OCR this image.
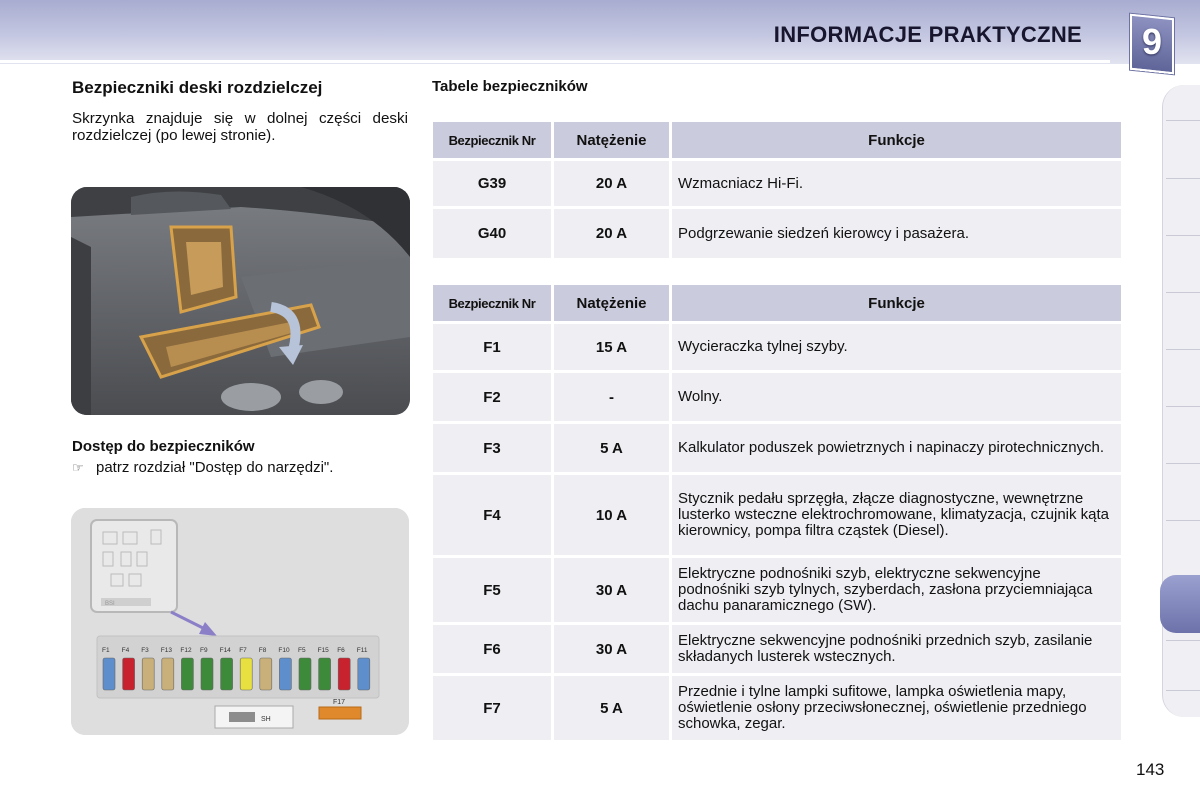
INFORMACJE PRAKTYCZNE	9
Bezpieczniki deski rozdzielczej
Skrzynka znajduje się w dolnej części deski rozdzielczej (po lewej stronie).
Dostęp do bezpieczników
☞ patrz rozdział "Dostęp do narzędzi".
BSI
F1 F4 F3 F13 F12 F9 F14 F7 F8 F10 F5 F15 F6 F11
SH
F17
Tabele bezpieczników
Bezpiecznik Nr	Natężenie	Funkcje
G39	20 A	Wzmacniacz Hi-Fi.
G40	20 A	Podgrzewanie siedzeń kierowcy i pasażera.
Bezpiecznik Nr	Natężenie	Funkcje
F1	15 A	Wycieraczka tylnej szyby.
F2	-	Wolny.
F3	5 A	Kalkulator poduszek powietrznych i napinaczy pirotechnicznych.
F4	10 A	Stycznik pedału sprzęgła, złącze diagnostyczne, wewnętrzne lusterko wsteczne elektrochromowane, klimatyzacja, czujnik kąta kierownicy, pompa filtra cząstek (Diesel).
F5	30 A	Elektryczne podnośniki szyb, elektryczne sekwencyjne podnośniki szyb tylnych, szyberdach, zasłona przyciemniająca dachu panaramicznego (SW).
F6	30 A	Elektryczne sekwencyjne podnośniki przednich szyb, zasilanie składanych lusterek wstecznych.
F7	5 A	Przednie i tylne lampki sufitowe, lampka oświetlenia mapy, oświetlenie osłony przeciwsłonecznej, oświetlenie przedniego schowka, zegar.
143
